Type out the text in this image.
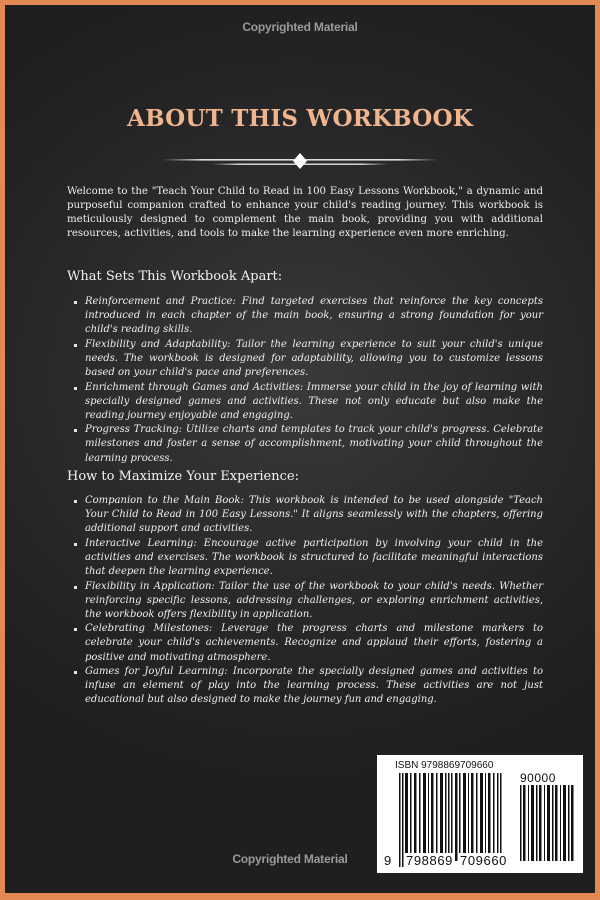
Copyrighted Material
ABOUT THIS WORKBOOK

Welcome to the "Teach Your Child to Read in 100 Easy Lessons Workbook," a dynamic and purposeful companion crafted to enhance your child's reading journey. This workbook is meticulously designed to complement the main book, providing you with additional resources, activities, and tools to make the learning experience even more enriching.

What Sets This Workbook Apart:
Reinforcement and Practice: Find targeted exercises that reinforce the key concepts introduced in each chapter of the main book, ensuring a strong foundation for your child's reading skills.
Flexibility and Adaptability: Tailor the learning experience to suit your child's unique needs. The workbook is designed for adaptability, allowing you to customize lessons based on your child's pace and preferences.
Enrichment through Games and Activities: Immerse your child in the joy of learning with specially designed games and activities. These not only educate but also make the reading journey enjoyable and engaging.
Progress Tracking: Utilize charts and templates to track your child's progress. Celebrate milestones and foster a sense of accomplishment, motivating your child throughout the learning process.
How to Maximize Your Experience:
Companion to the Main Book: This workbook is intended to be used alongside "Teach Your Child to Read in 100 Easy Lessons." It aligns seamlessly with the chapters, offering additional support and activities.
Interactive Learning: Encourage active participation by involving your child in the activities and exercises. The workbook is structured to facilitate meaningful interactions that deepen the learning experience.
Flexibility in Application: Tailor the use of the workbook to your child's needs. Whether reinforcing specific lessons, addressing challenges, or exploring enrichment activities, the workbook offers flexibility in application.
Celebrating Milestones: Leverage the progress charts and milestone markers to celebrate your child's achievements. Recognize and applaud their efforts, fostering a positive and motivating atmosphere.
Games for Joyful Learning: Incorporate the specially designed games and activities to infuse an element of play into the learning process. These activities are not just educational but also designed to make the journey fun and engaging.
ISBN 9798869709660
90000
9 798869 709660
Copyrighted Material
